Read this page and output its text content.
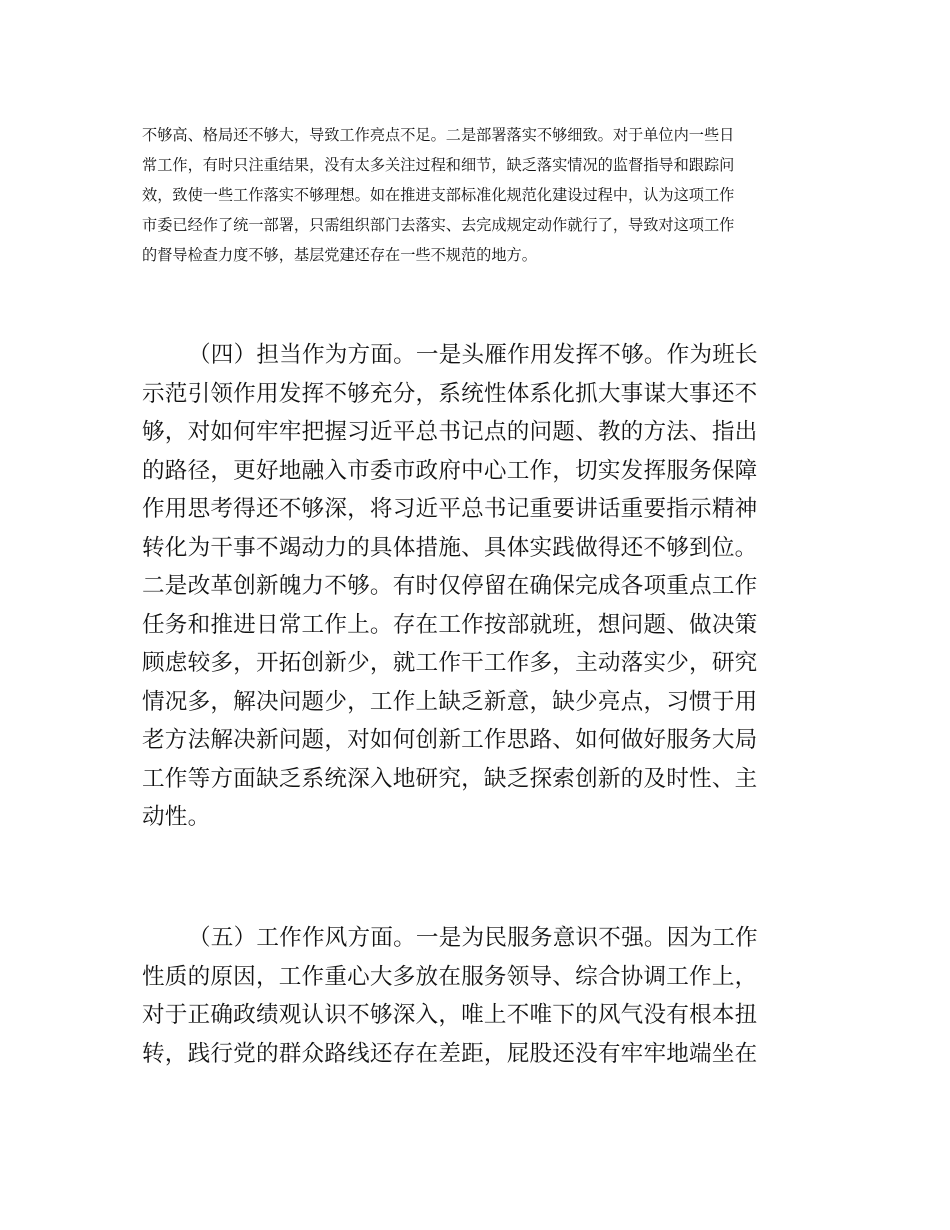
不够高、格局还不够大，导致工作亮点不足。二是部署落实不够细致。对于单位内一些日
常工作，有时只注重结果，没有太多关注过程和细节，缺乏落实情况的监督指导和跟踪问
效，致使一些工作落实不够理想。如在推进支部标准化规范化建设过程中，认为这项工作
市委已经作了统一部署，只需组织部门去落实、去完成规定动作就行了，导致对这项工作
的督导检查力度不够，基层党建还存在一些不规范的地方。
（四）担当作为方面。一是头雁作用发挥不够。作为班长
示范引领作用发挥不够充分，系统性体系化抓大事谋大事还不
够，对如何牢牢把握习近平总书记点的问题、教的方法、指出
的路径，更好地融入市委市政府中心工作，切实发挥服务保障
作用思考得还不够深，将习近平总书记重要讲话重要指示精神
转化为干事不竭动力的具体措施、具体实践做得还不够到位。
二是改革创新魄力不够。有时仅停留在确保完成各项重点工作
任务和推进日常工作上。存在工作按部就班，想问题、做决策
顾虑较多，开拓创新少，就工作干工作多，主动落实少，研究
情况多，解决问题少，工作上缺乏新意，缺少亮点，习惯于用
老方法解决新问题，对如何创新工作思路、如何做好服务大局
工作等方面缺乏系统深入地研究，缺乏探索创新的及时性、主
动性。
（五）工作作风方面。一是为民服务意识不强。因为工作
性质的原因，工作重心大多放在服务领导、综合协调工作上，
对于正确政绩观认识不够深入，唯上不唯下的风气没有根本扭
转，践行党的群众路线还存在差距，屁股还没有牢牢地端坐在
